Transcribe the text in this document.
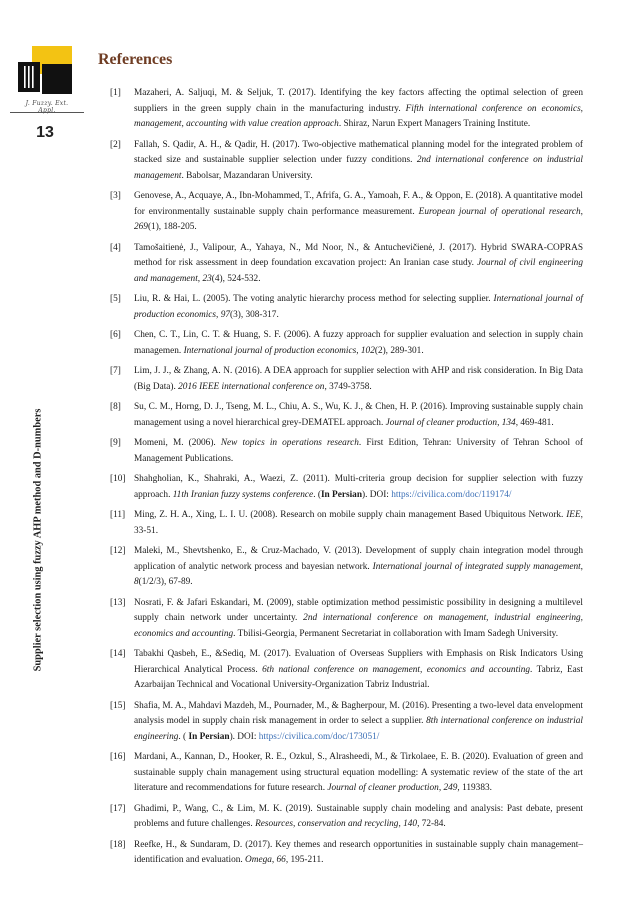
J. Fuzzy. Ext. Appl.
13
Supplier selection using fuzzy AHP method and D-numbers
References
[1] Mazaheri, A. Saljuqi, M. & Seljuk, T. (2017). Identifying the key factors affecting the optimal selection of green suppliers in the green supply chain in the manufacturing industry. Fifth international conference on economics, management, accounting with value creation approach. Shiraz, Narun Expert Managers Training Institute.
[2] Fallah, S. Qadir, A. H., & Qadir, H. (2017). Two-objective mathematical planning model for the integrated problem of stacked size and sustainable supplier selection under fuzzy conditions. 2nd international conference on industrial management. Babolsar, Mazandaran University.
[3] Genovese, A., Acquaye, A., Ibn-Mohammed, T., Afrifa, G. A., Yamoah, F. A., & Oppon, E. (2018). A quantitative model for environmentally sustainable supply chain performance measurement. European journal of operational research, 269(1), 188-205.
[4] Tamošaitienė, J., Valipour, A., Yahaya, N., Md Noor, N., & Antuchevičienė, J. (2017). Hybrid SWARA-COPRAS method for risk assessment in deep foundation excavation project: An Iranian case study. Journal of civil engineering and management, 23(4), 524-532.
[5] Liu, R. & Hai, L. (2005). The voting analytic hierarchy process method for selecting supplier. International journal of production economics, 97(3), 308-317.
[6] Chen, C. T., Lin, C. T. & Huang, S. F. (2006). A fuzzy approach for supplier evaluation and selection in supply chain managemen. International journal of production economics, 102(2), 289-301.
[7] Lim, J. J., & Zhang, A. N. (2016). A DEA approach for supplier selection with AHP and risk consideration. In Big Data (Big Data). 2016 IEEE international conference on, 3749-3758.
[8] Su, C. M., Horng, D. J., Tseng, M. L., Chiu, A. S., Wu, K. J., & Chen, H. P. (2016). Improving sustainable supply chain management using a novel hierarchical grey-DEMATEL approach. Journal of cleaner production, 134, 469-481.
[9] Momeni, M. (2006). New topics in operations research. First Edition, Tehran: University of Tehran School of Management Publications.
[10] Shahgholian, K., Shahraki, A., Waezi, Z. (2011). Multi-criteria group decision for supplier selection with fuzzy approach. 11th Iranian fuzzy systems conference. (In Persian). DOI: https://civilica.com/doc/119174/
[11] Ming, Z. H. A., Xing, L. I. U. (2008). Research on mobile supply chain management Based Ubiquitous Network. IEE, 33-51.
[12] Maleki, M., Shevtshenko, E., & Cruz-Machado, V. (2013). Development of supply chain integration model through application of analytic network process and bayesian network. International journal of integrated supply management, 8(1/2/3), 67-89.
[13] Nosrati, F. & Jafari Eskandari, M. (2009), stable optimization method pessimistic possibility in designing a multilevel supply chain network under uncertainty. 2nd international conference on management, industrial engineering, economics and accounting. Tbilisi-Georgia, Permanent Secretariat in collaboration with Imam Sadegh University.
[14] Tabakhi Qasbeh, E., &Sediq, M. (2017). Evaluation of Overseas Suppliers with Emphasis on Risk Indicators Using Hierarchical Analytical Process. 6th national conference on management, economics and accounting. Tabriz, East Azarbaijan Technical and Vocational University-Organization Tabriz Industrial.
[15] Shafia, M. A., Mahdavi Mazdeh, M., Pournader, M., & Bagherpour, M. (2016). Presenting a two-level data envelopment analysis model in supply chain risk management in order to select a supplier. 8th international conference on industrial engineering. ( In Persian). DOI: https://civilica.com/doc/173051/
[16] Mardani, A., Kannan, D., Hooker, R. E., Ozkul, S., Alrasheedi, M., & Tirkolaee, E. B. (2020). Evaluation of green and sustainable supply chain management using structural equation modelling: A systematic review of the state of the art literature and recommendations for future research. Journal of cleaner production, 249, 119383.
[17] Ghadimi, P., Wang, C., & Lim, M. K. (2019). Sustainable supply chain modeling and analysis: Past debate, present problems and future challenges. Resources, conservation and recycling, 140, 72-84.
[18] Reefke, H., & Sundaram, D. (2017). Key themes and research opportunities in sustainable supply chain management–identification and evaluation. Omega, 66, 195-211.
